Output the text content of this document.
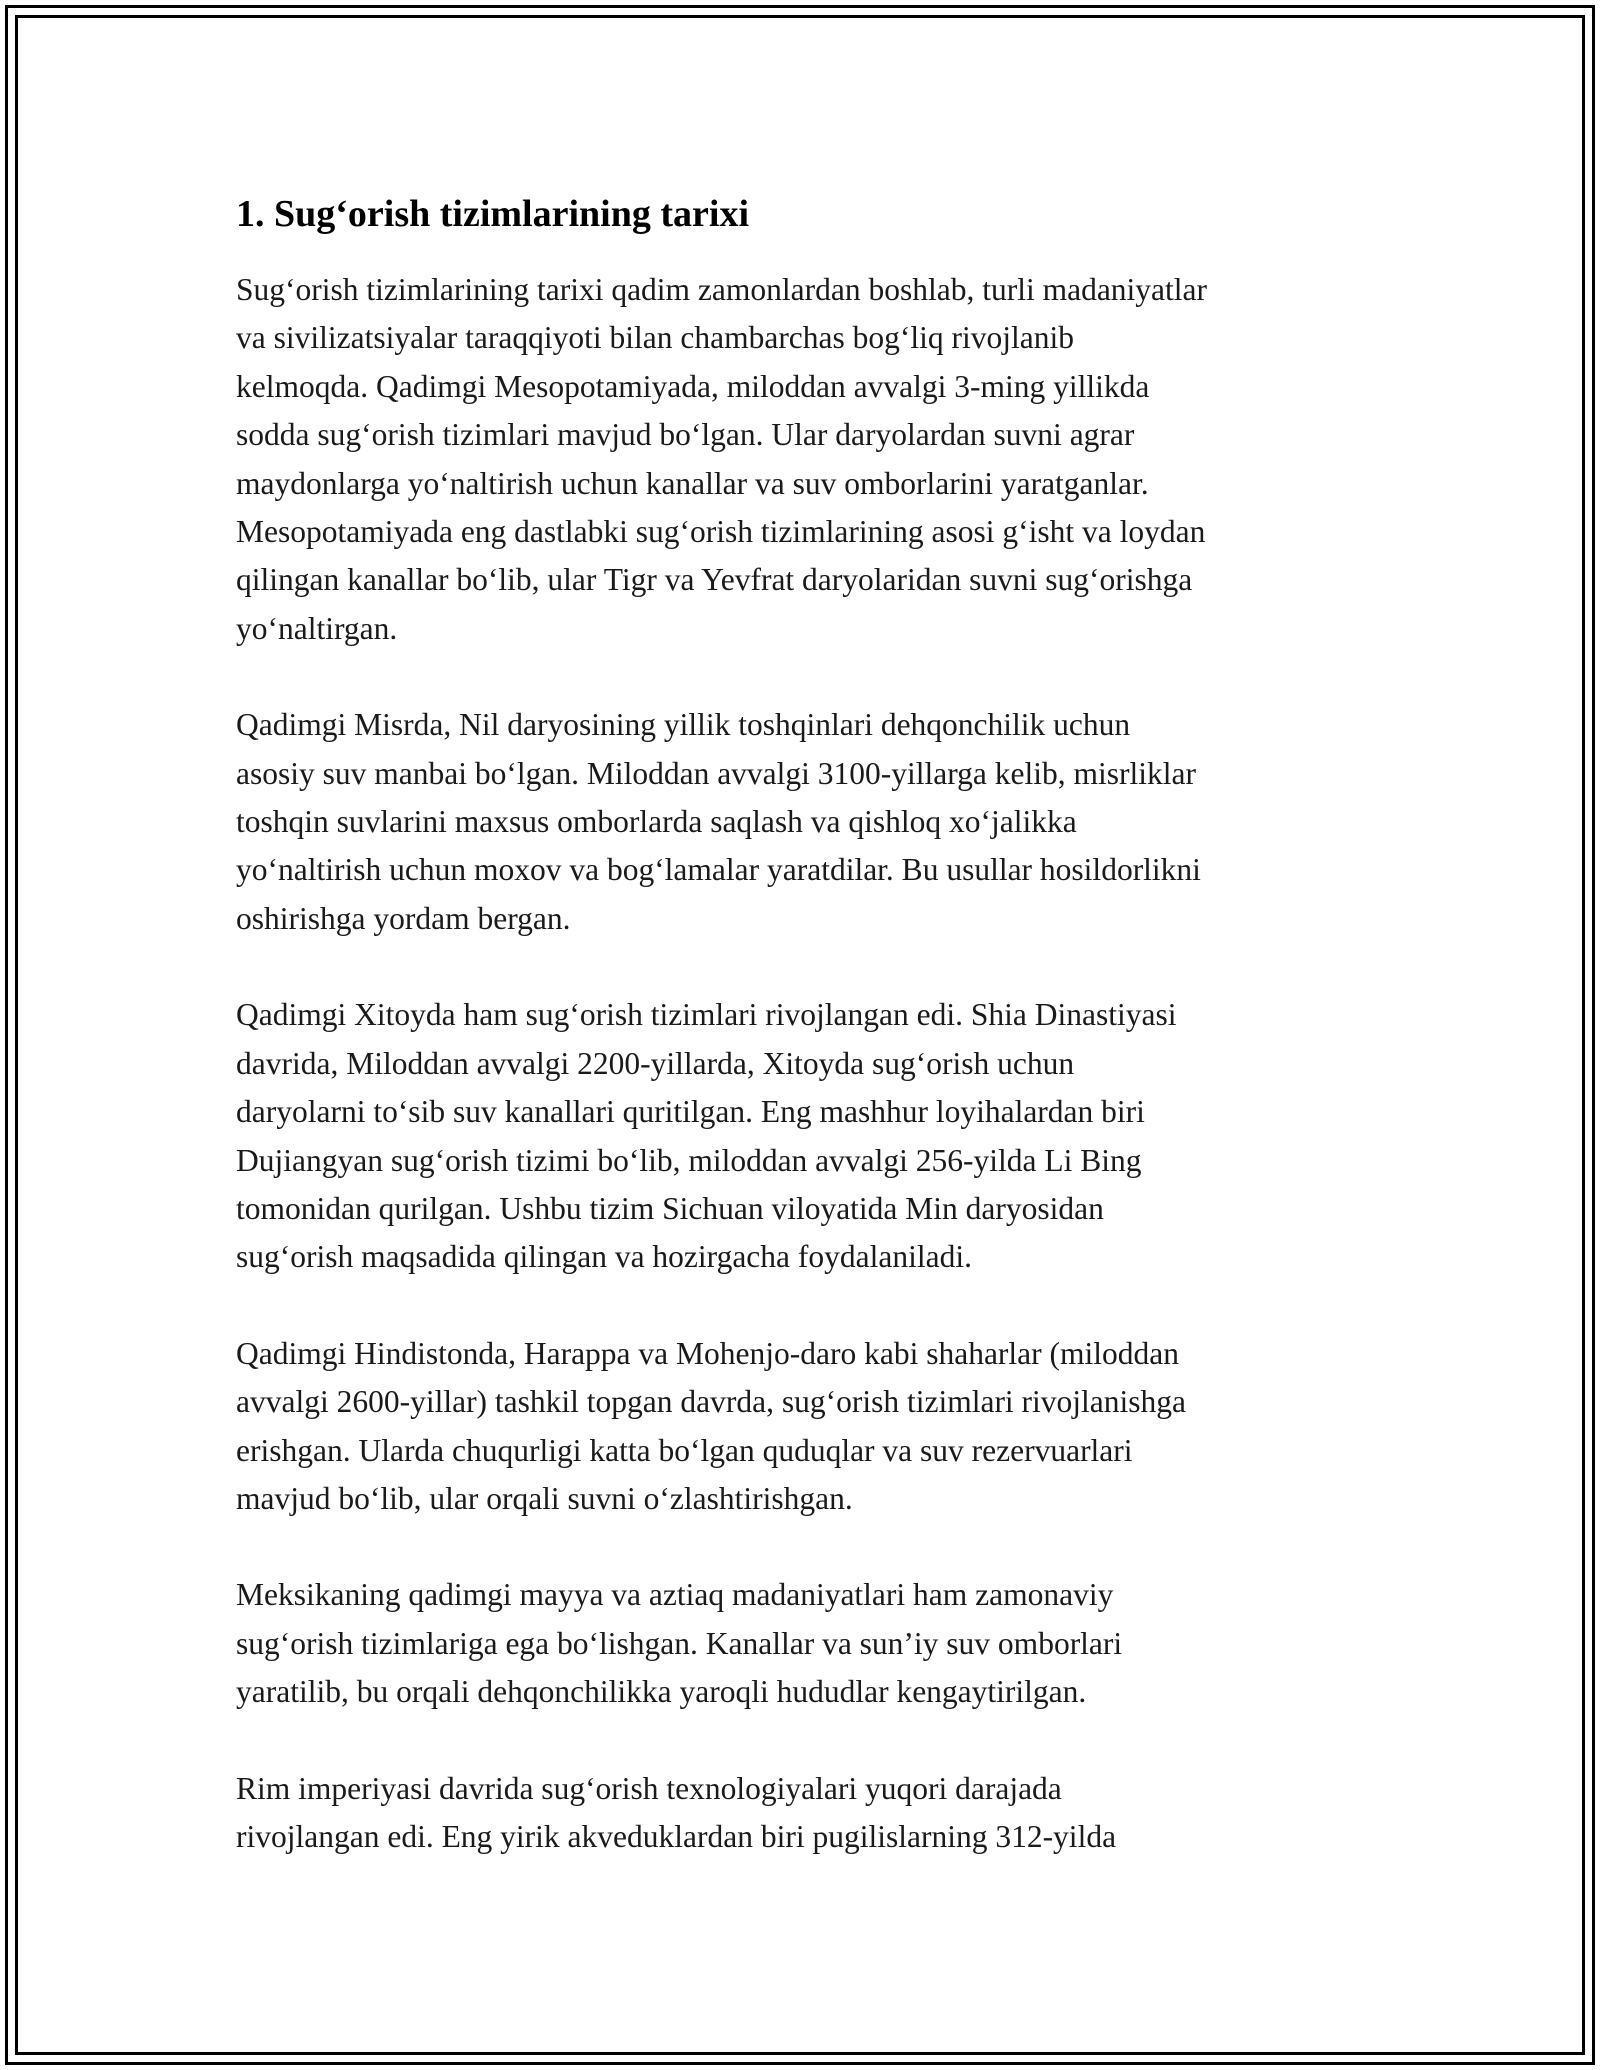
1. Sug‘orish tizimlarining tarixi

Sug‘orish tizimlarining tarixi qadim zamonlardan boshlab, turli madaniyatlar
va sivilizatsiyalar taraqqiyoti bilan chambarchas bog‘liq rivojlanib
kelmoqda. Qadimgi Mesopotamiyada, miloddan avvalgi 3-ming yillikda
sodda sug‘orish tizimlari mavjud bo‘lgan. Ular daryolardan suvni agrar
maydonlarga yo‘naltirish uchun kanallar va suv omborlarini yaratganlar.
Mesopotamiyada eng dastlabki sug‘orish tizimlarining asosi g‘isht va loydan
qilingan kanallar bo‘lib, ular Tigr va Yevfrat daryolaridan suvni sug‘orishga
yo‘naltirgan.

Qadimgi Misrda, Nil daryosining yillik toshqinlari dehqonchilik uchun
asosiy suv manbai bo‘lgan. Miloddan avvalgi 3100-yillarga kelib, misrliklar
toshqin suvlarini maxsus omborlarda saqlash va qishloq xo‘jalikka
yo‘naltirish uchun moxov va bog‘lamalar yaratdilar. Bu usullar hosildorlikni
oshirishga yordam bergan.

Qadimgi Xitoyda ham sug‘orish tizimlari rivojlangan edi. Shia Dinastiyasi
davrida, Miloddan avvalgi 2200-yillarda, Xitoyda sug‘orish uchun
daryolarni to‘sib suv kanallari quritilgan. Eng mashhur loyihalardan biri
Dujiangyan sug‘orish tizimi bo‘lib, miloddan avvalgi 256-yilda Li Bing
tomonidan qurilgan. Ushbu tizim Sichuan viloyatida Min daryosidan
sug‘orish maqsadida qilingan va hozirgacha foydalaniladi.

Qadimgi Hindistonda, Harappa va Mohenjo-daro kabi shaharlar (miloddan
avvalgi 2600-yillar) tashkil topgan davrda, sug‘orish tizimlari rivojlanishga
erishgan. Ularda chuqurligi katta bo‘lgan quduqlar va suv rezervuarlari
mavjud bo‘lib, ular orqali suvni o‘zlashtirishgan.

Meksikaning qadimgi mayya va aztiaq madaniyatlari ham zamonaviy
sug‘orish tizimlariga ega bo‘lishgan. Kanallar va sun’iy suv omborlari
yaratilib, bu orqali dehqonchilikka yaroqli hududlar kengaytirilgan.

Rim imperiyasi davrida sug‘orish texnologiyalari yuqori darajada
rivojlangan edi. Eng yirik akveduklardan biri pugilislarning 312-yilda
